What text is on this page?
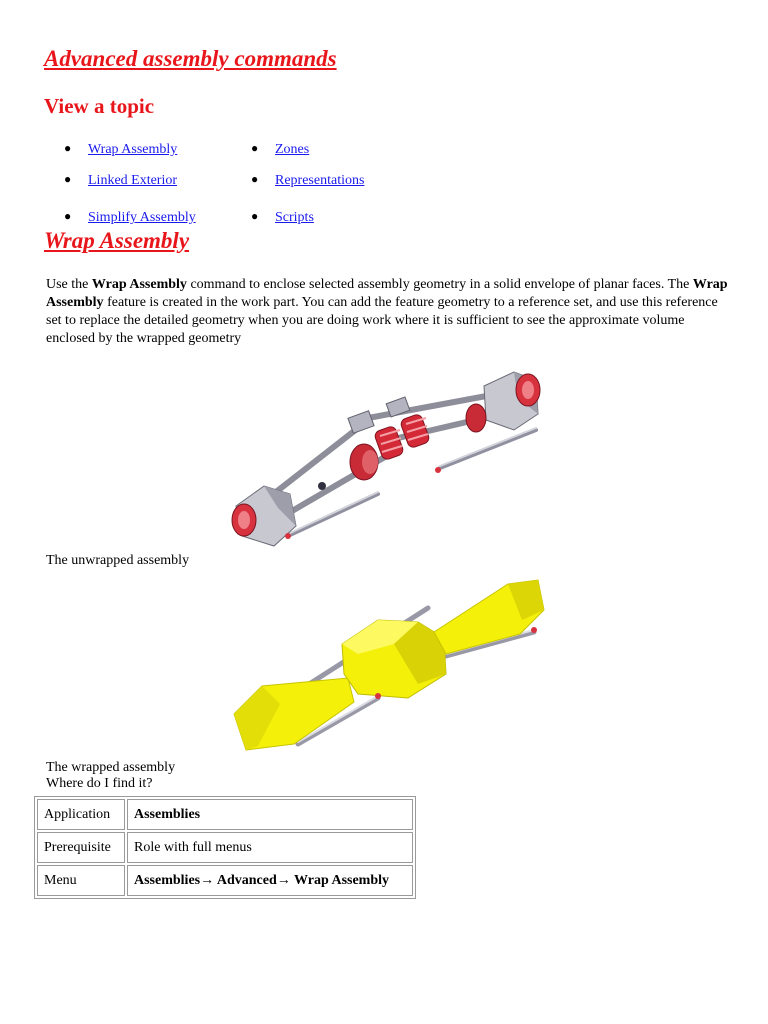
Advanced assembly commands
View a topic
● Wrap Assembly	● Zones
● Linked Exterior	● Representations
● Simplify Assembly	● Scripts
Wrap Assembly

Use the Wrap Assembly command to enclose selected assembly geometry in a solid envelope of planar faces. The Wrap Assembly feature is created in the work part. You can add the feature geometry to a reference set, and use this reference set to replace the detailed geometry when you are doing work where it is sufficient to see the approximate volume enclosed by the wrapped geometry

The unwrapped assembly
The wrapped assembly
Where do I find it?
Application	Assemblies
Prerequisite	Role with full menus
Menu	Assemblies→ Advanced→ Wrap Assembly
